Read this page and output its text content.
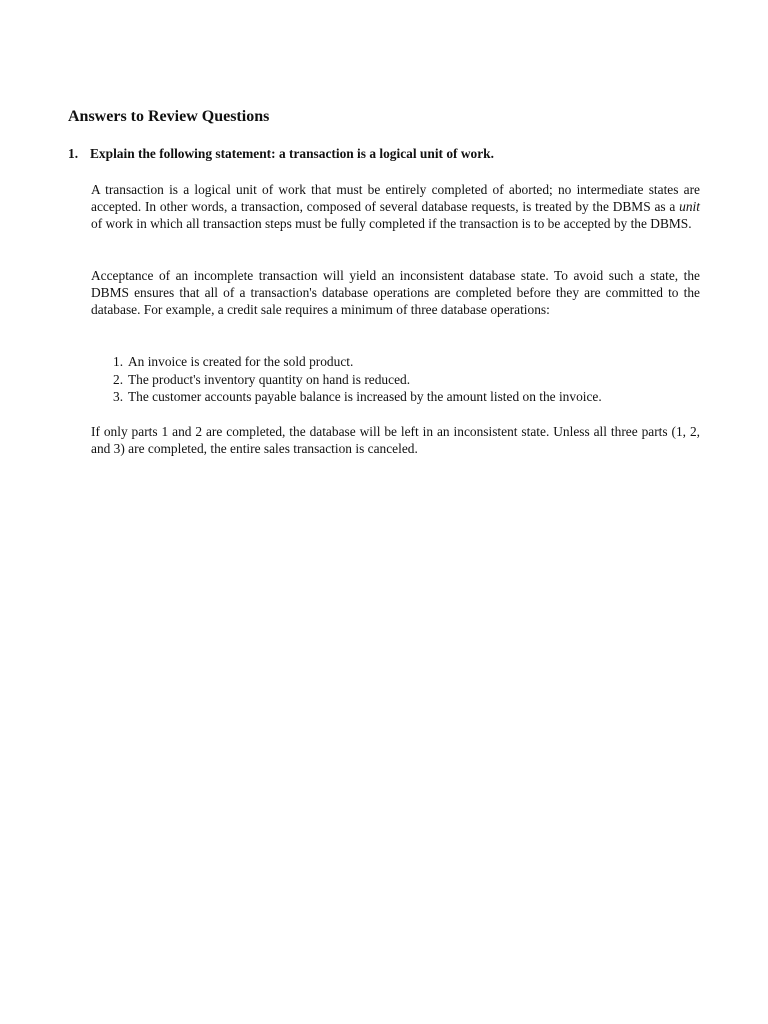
Answers to Review Questions

1. Explain the following statement: a transaction is a logical unit of work.

A transaction is a logical unit of work that must be entirely completed of aborted; no intermediate states are accepted. In other words, a transaction, composed of several database requests, is treated by the DBMS as a unit of work in which all transaction steps must be fully completed if the transaction is to be accepted by the DBMS.

Acceptance of an incomplete transaction will yield an inconsistent database state. To avoid such a state, the DBMS ensures that all of a transaction's database operations are completed before they are committed to the database. For example, a credit sale requires a minimum of three database operations:

1. An invoice is created for the sold product.
2. The product's inventory quantity on hand is reduced.
3. The customer accounts payable balance is increased by the amount listed on the invoice.

If only parts 1 and 2 are completed, the database will be left in an inconsistent state. Unless all three parts (1, 2, and 3) are completed, the entire sales transaction is canceled.
